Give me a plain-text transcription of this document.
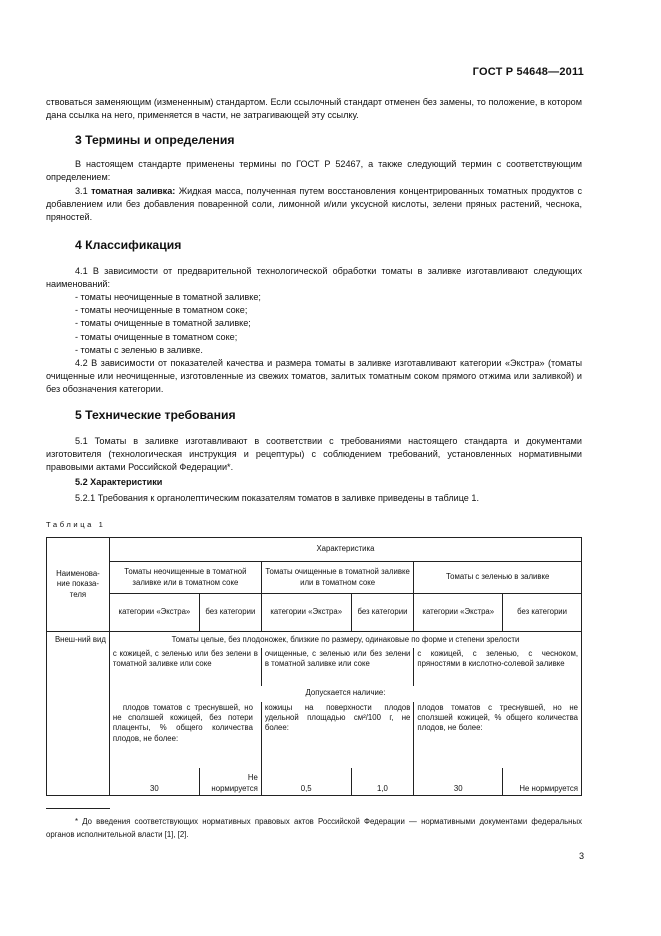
ГОСТ Р 54648—2011

ствоваться заменяющим (измененным) стандартом. Если ссылочный стандарт отменен без замены, то положение, в котором дана ссылка на него, применяется в части, не затрагивающей эту ссылку.

3 Термины и определения

В настоящем стандарте применены термины по ГОСТ Р 52467, а также следующий термин с соответствующим определением:

3.1 томатная заливка: Жидкая масса, полученная путем восстановления концентрированных томатных продуктов с добавлением или без добавления поваренной соли, лимонной и/или уксусной кислоты, зелени пряных растений, чеснока, пряностей.

4 Классификация

4.1 В зависимости от предварительной технологической обработки томаты в заливке изготавливают следующих наименований:

- томаты неочищенные в томатной заливке;
- томаты неочищенные в томатном соке;
- томаты очищенные в томатной заливке;
- томаты очищенные в томатном соке;
- томаты с зеленью в заливке.

4.2 В зависимости от показателей качества и размера томаты в заливке изготавливают категории «Экстра» (томаты очищенные или неочищенные, изготовленные из свежих томатов, залитых томатным соком прямого отжима или заливкой) и без обозначения категории.

5 Технические требования

5.1 Томаты в заливке изготавливают в соответствии с требованиями настоящего стандарта и документами изготовителя (технологическая инструкция и рецептуры) с соблюдением требований, установленных нормативными правовыми актами Российской Федерации*.

5.2 Характеристики

5.2.1 Требования к органолептическим показателям томатов в заливке приведены в таблице 1.

Таблица 1
Наименова-ние показа-теля	Характеристика					
	Томаты неочищенные в томатной заливке или в томатном соке		Томаты очищенные в томатной заливке или в томатном соке		Томаты с зеленью в заливке	
	категории «Экстра»	без категории	категории «Экстра»	без категории	категории «Экстра»	без категории
Внеш-ний вид	Томаты целые, без плодоножек, близкие по размеру, одинаковые по форме и степени зрелости					
	с кожицей, с зеленью или без зелени в томатной заливке или соке		очищенные, с зеленью или без зелени в томатной заливке или соке		с кожицей, с зеленью, с чесноком, пряностями в кислотно-солевой заливке	
	Допускается наличие:					

	плодов томатов с треснувшей, но не сползшей кожицей, без потери плаценты, % общего количества плодов, не более:		кожицы на поверхности плодов удельной площадью см²/100 г, не более:		плодов томатов с треснувшей, но не сползшей кожицей, % общего количества плодов, не более:	
	30	Не нормируется	0,5	1,0	30	Не нормируется

* До введения соответствующих нормативных правовых актов Российской Федерации — нормативными документами федеральных органов исполнительной власти [1], [2].

3
